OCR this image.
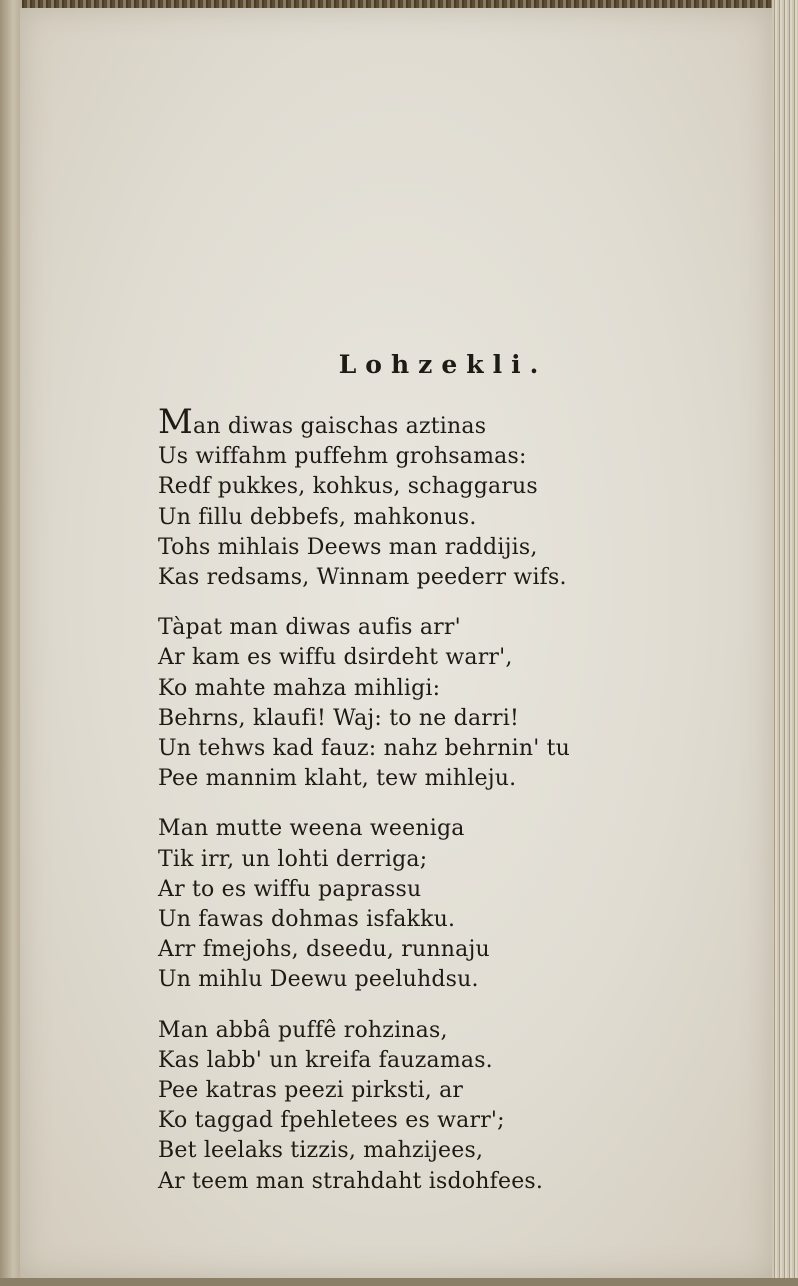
Lohzekli.
Man diwas gaischas aztinas
Us wiffahm puffehm grohsamas:
Redf pukkes, kohkus, schaggarus
Un fillu debbefs, mahkonus.
Tohs mihlais Deews man raddijis,
Kas redsams, Winnam peederr wifs.
Tàpat man diwas aufis arr'
Ar kam es wiffu dsirdeht warr',
Ko mahte mahza mihligi:
Behrns, klaufi! Waj: to ne darri!
Un tehws kad fauz: nahz behrnin' tu
Pee mannim klaht, tew mihleju.
Man mutte weena weeniga
Tik irr, un lohti derriga;
Ar to es wiffu paprassu
Un fawas dohmas isfakku.
Arr fmejohs, dseedu, runnaju
Un mihlu Deewu peeluhdsu.
Man abbâ puffê rohzinas,
Kas labb' un kreifa fauzamas.
Pee katras peezi pirksti, ar
Ko taggad fpehletees es warr';
Bet leelaks tizzis, mahzijees,
Ar teem man strahdaht isdohfees.
